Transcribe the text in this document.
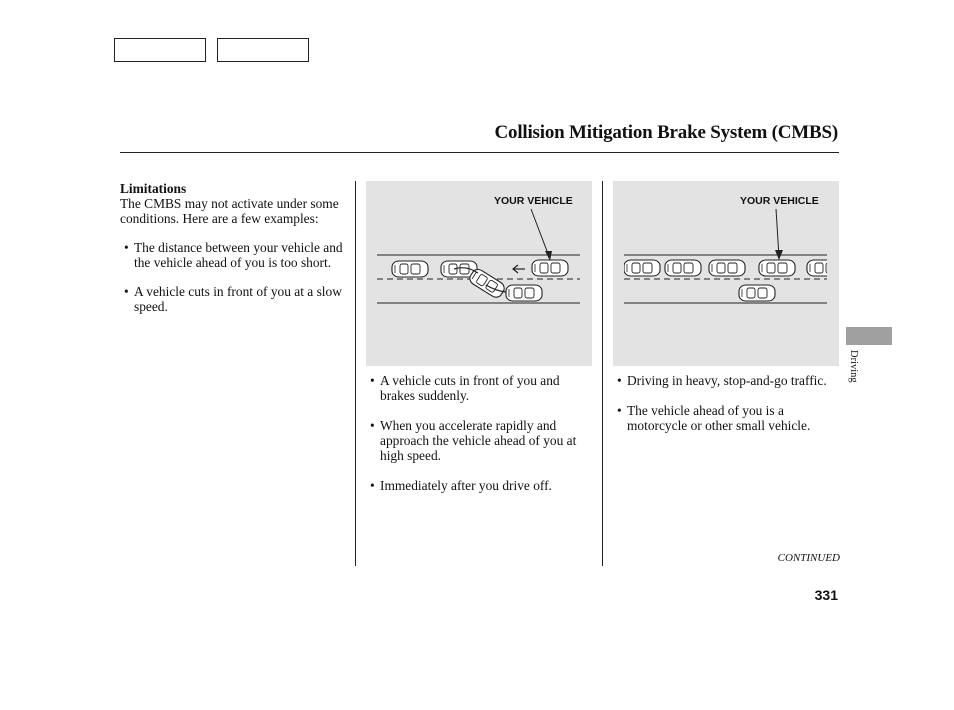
Collision Mitigation Brake System (CMBS)

Limitations

The CMBS may not activate under some conditions. Here are a few examples:

• The distance between your vehicle and the vehicle ahead of you is too short.
• A vehicle cuts in front of you at a slow speed.
YOUR VEHICLE	YOUR VEHICLE
• A vehicle cuts in front of you and brakes suddenly.
• When you accelerate rapidly and approach the vehicle ahead of you at high speed.
• Immediately after you drive off.
• Driving in heavy, stop-and-go traffic.
• The vehicle ahead of you is a motorcycle or other small vehicle.
CONTINUED
331
Driving
